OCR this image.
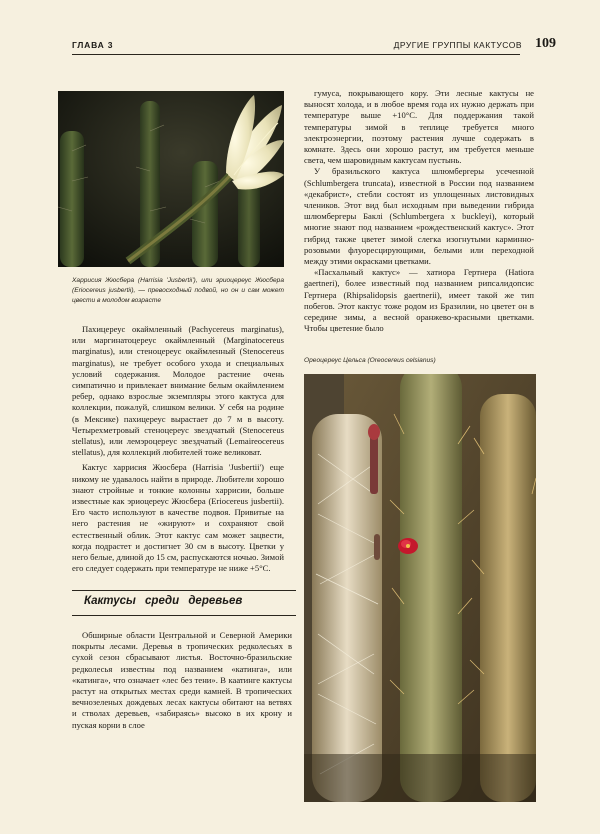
ГЛАВА 3	ДРУГИЕ ГРУППЫ КАКТУСОВ 109
Харрисия Жюсбера (Harrisia 'Jusbertii'), или эриоцереус Жюсбера (Eriocereus jusbertii), — превосходный подвой, но он и сам может цвести в молодом возрасте

Пахицереус окаймленный (Pachycereus marginatus), или маргинатоцереус окаймленный (Marginatocereus marginatus), или стеноцереус окаймленный (Stenocereus marginatus), не требует особого ухода и специальных условий содержания. Молодое растение очень симпатично и привлекает внимание белым окаймлением ребер, однако взрослые экземпляры этого кактуса для коллекции, пожалуй, слишком велики. У себя на родине (в Мексике) пахицереус вырастает до 7 м в высоту. Четырехметровый стеноцереус звездчатый (Stenocereus stellatus), или лемэроцереус звездчатый (Lemaireocereus stellatus), для коллекций любителей тоже великоват.

Кактус харрисия Жюсбера (Harrisia 'Jusbertii') еще никому не удавалось найти в природе. Любители хорошо знают стройные и тонкие колонны харрисии, больше известные как эриоцереус Жюсбера (Eriocereus jusbertii). Его часто используют в качестве подвоя. Привитые на него растения не «жируют» и сохраняют свой естественный облик. Этот кактус сам может зацвести, когда подрастет и достигнет 30 см в высоту. Цветки у него белые, длиной до 15 см, распускаются ночью. Зимой его следует содержать при температуре не ниже +5°С.

Кактусы среди деревьев

Обширные области Центральной и Северной Америки покрыты лесами. Деревья в тропических редколесьях в сухой сезон сбрасывают листья. Восточно-бразильские редколесья известны под названием «катинга», или «катинга», что означает «лес без тени». В каатинге кактусы растут на открытых местах среди камней. В тропических вечнозеленых дождевых лесах кактусы обитают на ветвях и стволах деревьев, «забираясь» высоко в их крону и пуская корни в слое

гумуса, покрывающего кору. Эти лесные кактусы не выносят холода, и в любое время года их нужно держать при температуре выше +10°С. Для поддержания такой температуры зимой в теплице требуется много электроэнергии, поэтому растения лучше содержать в комнате. Здесь они хорошо растут, им требуется меньше света, чем шаровидным кактусам пустынь.

У бразильского кактуса шлюмбергеры усеченной (Schlumbergera truncata), известной в России под названием «декабрист», стебли состоят из уплощенных листовидных члеников. Этот вид был исходным при выведении гибрида шлюмбергеры Баклi (Schlumbergera x buckleyi), который многие знают под названием «рождественский кактус». Этот гибрид также цветет зимой слегка изогнутыми карминно-розовыми флуоресцирующими, белыми или переходной между этими окрасками цветками.

«Пасхальный кактус» — хатиора Гертнера (Hatiora gaertneri), более известный под названием рипсалидопсис Гертнера (Rhipsalidopsis gaertnerii), имеет такой же тип побегов. Этот кактус тоже родом из Бразилии, но цветет он в середине зимы, а весной оранжево-красными цветками. Чтобы цветение было

Ореоцереус Цельса (Oreocereus celsianus)
